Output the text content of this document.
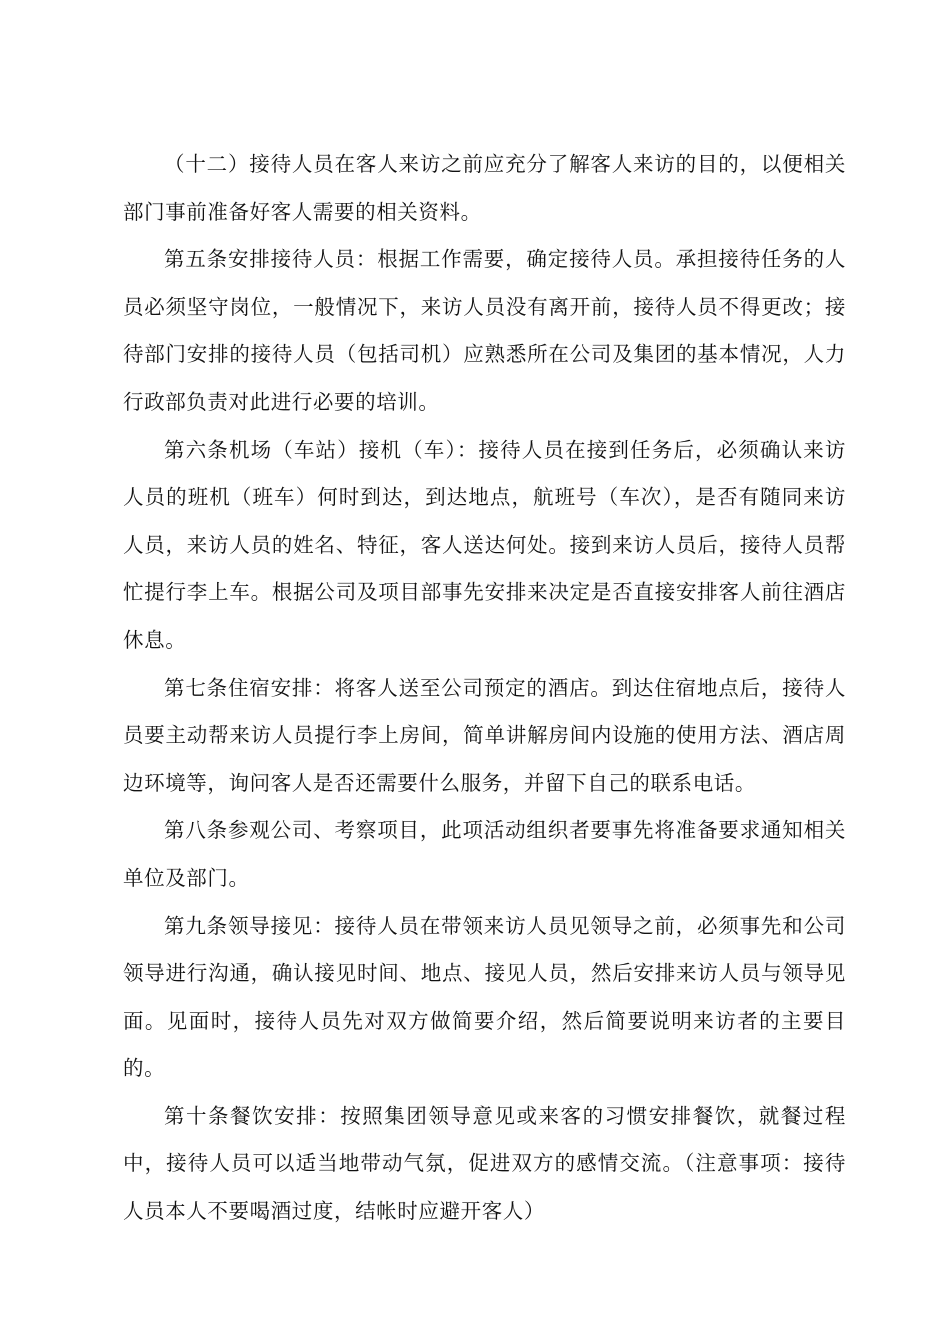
（十二）接待人员在客人来访之前应充分了解客人来访的目的，以便相关部门事前准备好客人需要的相关资料。

第五条安排接待人员：根据工作需要，确定接待人员。承担接待任务的人员必须坚守岗位，一般情况下，来访人员没有离开前，接待人员不得更改；接待部门安排的接待人员（包括司机）应熟悉所在公司及集团的基本情况，人力行政部负责对此进行必要的培训。

第六条机场（车站）接机（车）：接待人员在接到任务后，必须确认来访人员的班机（班车）何时到达，到达地点，航班号（车次），是否有随同来访人员，来访人员的姓名、特征，客人送达何处。接到来访人员后，接待人员帮忙提行李上车。根据公司及项目部事先安排来决定是否直接安排客人前往酒店休息。

第七条住宿安排：将客人送至公司预定的酒店。到达住宿地点后，接待人员要主动帮来访人员提行李上房间，简单讲解房间内设施的使用方法、酒店周边环境等，询问客人是否还需要什么服务，并留下自己的联系电话。

第八条参观公司、考察项目，此项活动组织者要事先将准备要求通知相关单位及部门。

第九条领导接见：接待人员在带领来访人员见领导之前，必须事先和公司领导进行沟通，确认接见时间、地点、接见人员，然后安排来访人员与领导见面。见面时，接待人员先对双方做简要介绍，然后简要说明来访者的主要目的。

第十条餐饮安排：按照集团领导意见或来客的习惯安排餐饮，就餐过程中，接待人员可以适当地带动气氛，促进双方的感情交流。（注意事项：接待人员本人不要喝酒过度，结帐时应避开客人）
